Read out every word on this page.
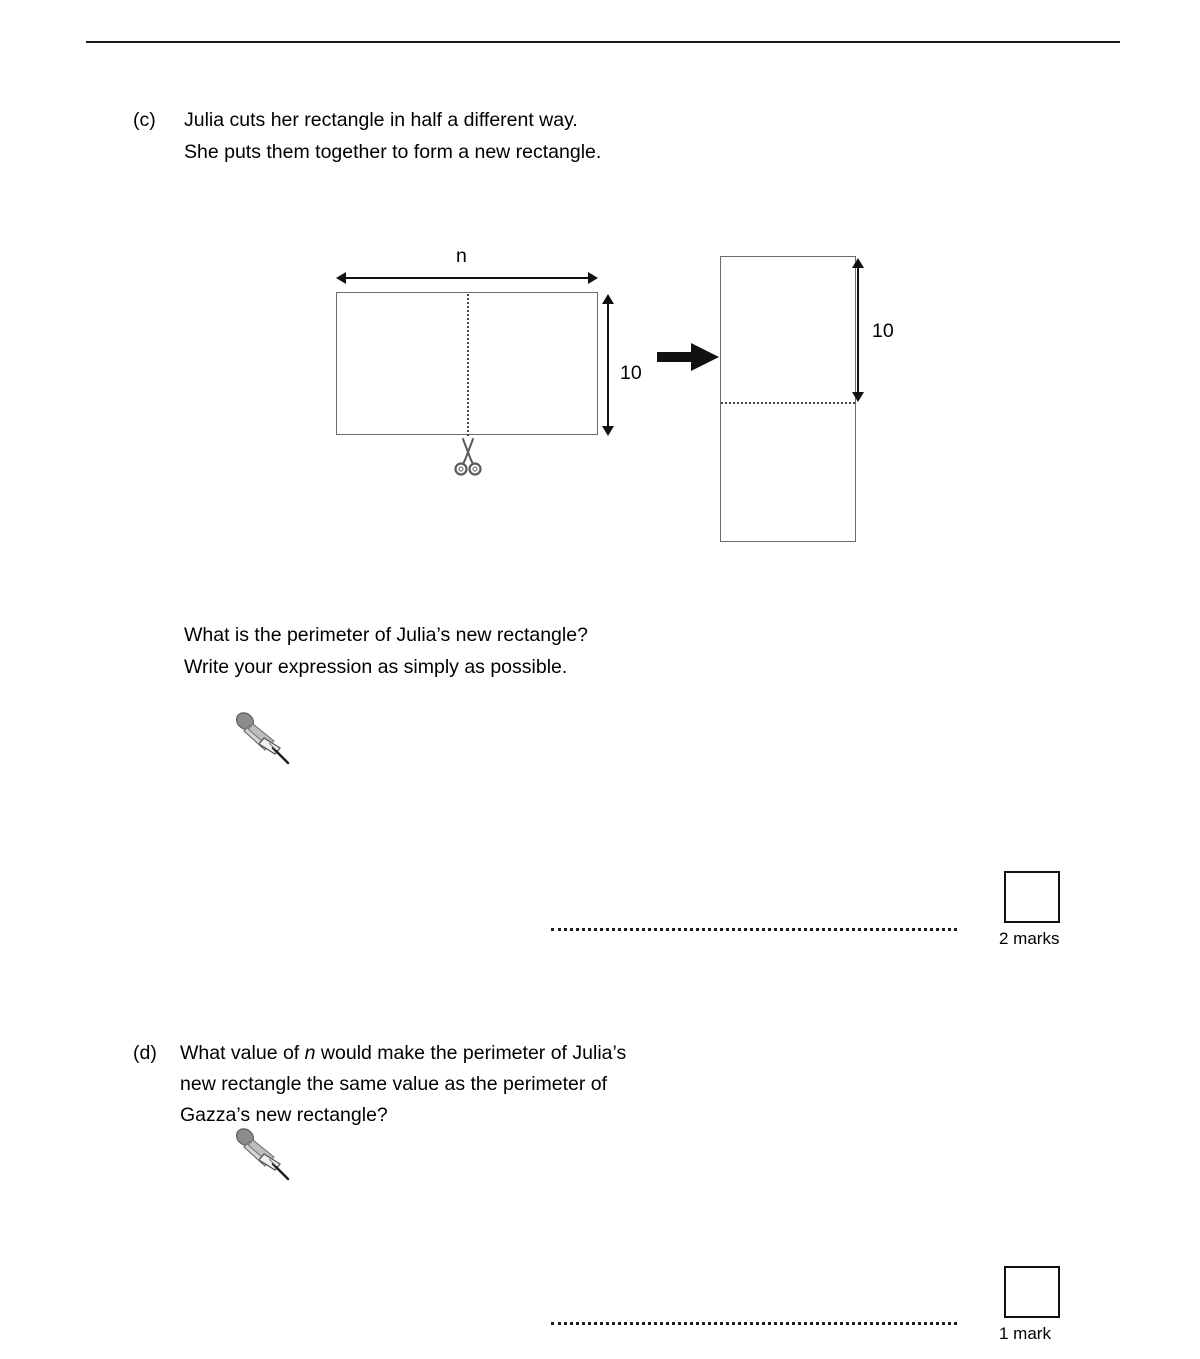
(c) Julia cuts her rectangle in half a different way.
She puts them together to form a new rectangle.
n
10
10
What is the perimeter of Julia’s new rectangle?
Write your expression as simply as possible.
2 marks
(d) What value of n would make the perimeter of Julia’s
new rectangle the same value as the perimeter of
Gazza’s new rectangle?
1 mark
